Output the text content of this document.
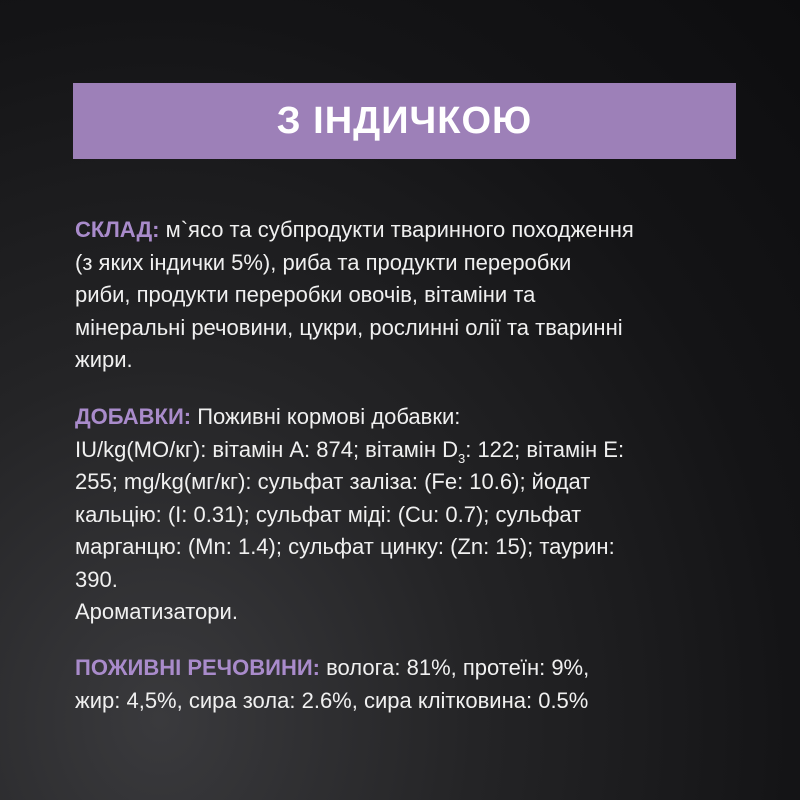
З ІНДИЧКОЮ
СКЛАД: м`ясо та субпродукти тваринного походження
(з яких індички 5%), риба та продукти переробки
риби, продукти переробки овочів, вітаміни та
мінеральні речовини, цукри, рослинні олії та тваринні
жири.
ДОБАВКИ: Поживні кормові добавки:
IU/kg(МО/кг): вітамін А: 874; вітамін $D_3$: 122; вітамін Е:
255; mg/kg(мг/кг): сульфат заліза: (Fe: 10.6); йодат
кальцію: (I: 0.31); сульфат міді: (Cu: 0.7); сульфат
марганцю: (Mn: 1.4); сульфат цинку: (Zn: 15); таурин:
390.
Ароматизатори.
ПОЖИВНІ РЕЧОВИНИ: волога: 81%, протеїн: 9%,
жир: 4,5%, сира зола: 2.6%, сира клітковина: 0.5%
